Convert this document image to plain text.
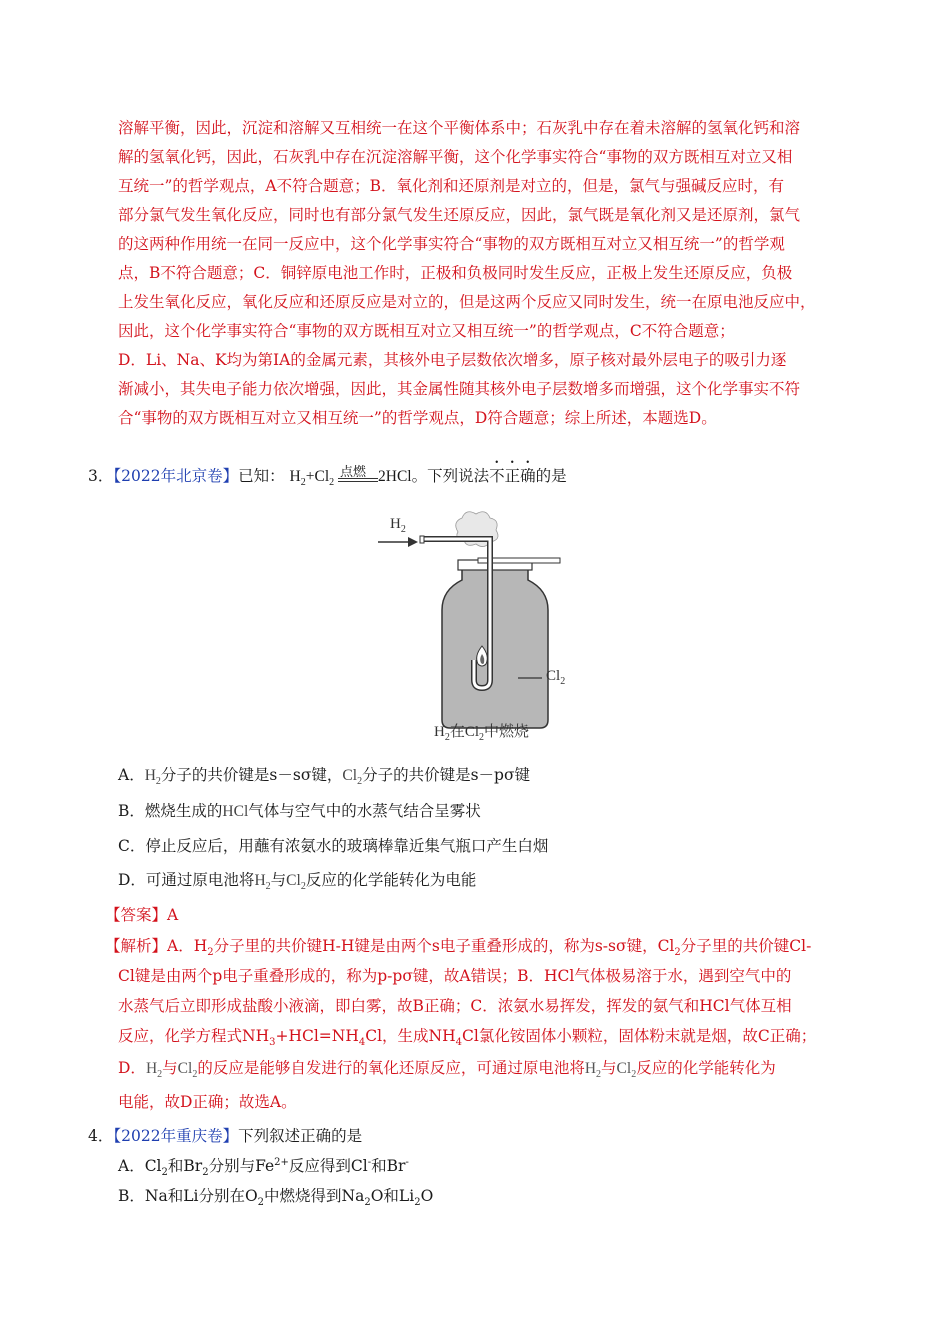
溶解平衡，因此，沉淀和溶解又互相统一在这个平衡体系中；石灰乳中存在着未溶解的氢氧化钙和溶
解的氢氧化钙，因此，石灰乳中存在沉淀溶解平衡，这个化学事实符合“事物的双方既相互对立又相
互统一”的哲学观点，A不符合题意；B．氧化剂和还原剂是对立的，但是，氯气与强碱反应时，有
部分氯气发生氧化反应，同时也有部分氯气发生还原反应，因此，氯气既是氧化剂又是还原剂，氯气
的这两种作用统一在同一反应中，这个化学事实符合“事物的双方既相互对立又相互统一”的哲学观
点，B不符合题意；C．铜锌原电池工作时，正极和负极同时发生反应，正极上发生还原反应，负极
上发生氧化反应，氧化反应和还原反应是对立的，但是这两个反应又同时发生，统一在原电池反应中，
因此，这个化学事实符合“事物的双方既相互对立又相互统一”的哲学观点，C不符合题意；
D．Li、Na、K均为第ⅠA的金属元素，其核外电子层数依次增多，原子核对最外层电子的吸引力逐
渐减小，其失电子能力依次增强，因此，其金属性随其核外电子层数增多而增强，这个化学事实不符
合“事物的双方既相互对立又相互统一”的哲学观点，D符合题意；综上所述，本题选D。
3．【2022年北京卷】已知： $H_2+Cl_2$
点燃 2HCl。下列说法不正确的是
$H_2$
$Cl_2$
$H_2$在$Cl_2$中燃烧
A．$H_2$分子的共价键是s－sσ键，$Cl_2$分子的共价键是s－pσ键
B．燃烧生成的HCl气体与空气中的水蒸气结合呈雾状
C．停止反应后，用蘸有浓氨水的玻璃棒靠近集气瓶口产生白烟
D．可通过原电池将$H_2$与$Cl_2$反应的化学能转化为电能
【答案】A
【解析】A．$H_2$分子里的共价键H-H键是由两个s电子重叠形成的，称为s-sσ键，$Cl_2$分子里的共价键Cl-
Cl键是由两个p电子重叠形成的，称为p-pσ键，故A错误；B．HCl气体极易溶于水，遇到空气中的
水蒸气后立即形成盐酸小液滴，即白雾，故B正确；C．浓氨水易挥发，挥发的氨气和HCl气体互相
反应，化学方程式$NH_3+HCl=NH_4Cl$，生成$NH_4Cl$氯化铵固体小颗粒，固体粉末就是烟，故C正确；
D．$H_2$与$Cl_2$的反应是能够自发进行的氧化还原反应，可通过原电池将$H_2$与$Cl_2$反应的化学能转化为
电能，故D正确；故选A。
4．【2022年重庆卷】下列叙述正确的是
A．$Cl_2$和$Br_2$分别与$Fe^{2+}$反应得到Cl-和Br-
B．Na和Li分别在$O_2$中燃烧得到$Na_2O$和$Li_2O$
